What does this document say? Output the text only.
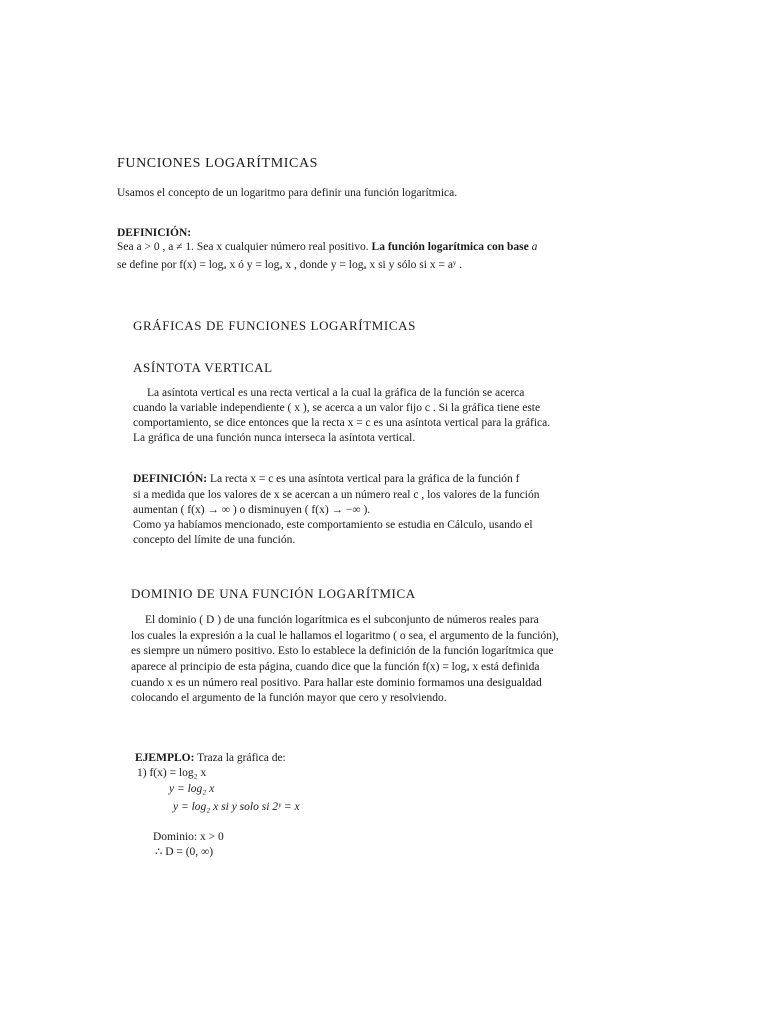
FUNCIONES LOGARÍTMICAS
Usamos el concepto de un logaritmo para definir una función logarítmica.
DEFINICIÓN:
Sea a > 0 , a ≠ 1. Sea x cualquier número real positivo. La función logarítmica con base a
se define por f(x) = logₐ x ó y = logₐ x , donde y = logₐ x si y sólo si x = aʸ .
GRÁFICAS DE FUNCIONES LOGARÍTMICAS
ASÍNTOTA VERTICAL
La asíntota vertical es una recta vertical a la cual la gráfica de la función se acerca
cuando la variable independiente ( x ), se acerca a un valor fijo c . Si la gráfica tiene este
comportamiento, se dice entonces que la recta x = c es una asíntota vertical para la gráfica.
La gráfica de una función nunca interseca la asíntota vertical.
DEFINICIÓN: La recta x = c es una asíntota vertical para la gráfica de la función f
si a medida que los valores de x se acercan a un número real c , los valores de la función
aumentan ( f(x) → ∞ ) o disminuyen ( f(x) → −∞ ).
Como ya habíamos mencionado, este comportamiento se estudia en Cálculo, usando el
concepto del límite de una función.
DOMINIO DE UNA FUNCIÓN LOGARÍTMICA
El dominio ( D ) de una función logarítmica es el subconjunto de números reales para
los cuales la expresión a la cual le hallamos el logaritmo ( o sea, el argumento de la función),
es siempre un número positivo. Esto lo establece la definición de la función logarítmica que
aparece al principio de esta página, cuando dice que la función f(x) = logₐ x está definida
cuando x es un número real positivo. Para hallar este dominio formamos una desigualdad
colocando el argumento de la función mayor que cero y resolviendo.
EJEMPLO: Traza la gráfica de:
1) f(x) = log₂ x
y = log₂ x
y = log₂ x si y solo si 2ʸ = x
Dominio: x > 0
∴ D = (0, ∞)
